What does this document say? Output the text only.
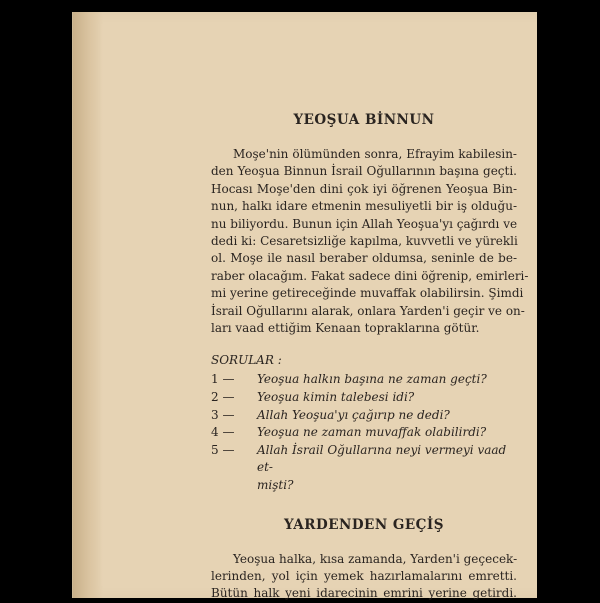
YEOŞUA BİNNUN
Moşe'nin ölümünden sonra, Efrayim kabilesin-
den Yeoşua Binnun İsrail Oğullarının başına geçti.
Hocası Moşe'den dini çok iyi öğrenen Yeoşua Bin-
nun, halkı idare etmenin mesuliyetli bir iş olduğu-
nu biliyordu. Bunun için Allah Yeoşua'yı çağırdı ve
dedi ki: Cesaretsizliğe kapılma, kuvvetli ve yürekli
ol. Moşe ile nasıl beraber oldumsa, seninle de be-
raber olacağım. Fakat sadece dini öğrenip, emirleri-
mi yerine getireceğinde muvaffak olabilirsin. Şimdi
İsrail Oğullarını alarak, onlara Yarden'i geçir ve on-
ları vaad ettiğim Kenaan topraklarına götür.
SORULAR :
1 —	Yeoşua halkın başına ne zaman geçti?
2 —	Yeoşua kimin talebesi idi?
3 —	Allah Yeoşua'yı çağırıp ne dedi?
4 —	Yeoşua ne zaman muvaffak olabilirdi?
5 —	Allah İsrail Oğullarına neyi vermeyi vaad et-
mişti?
YARDENDEN GEÇİŞ
Yeoşua halka, kısa zamanda, Yarden'i geçecek-
lerinden, yol için yemek hazırlamalarını emretti.
Bütün halk yeni idarecinin emrini yerine getirdi.
